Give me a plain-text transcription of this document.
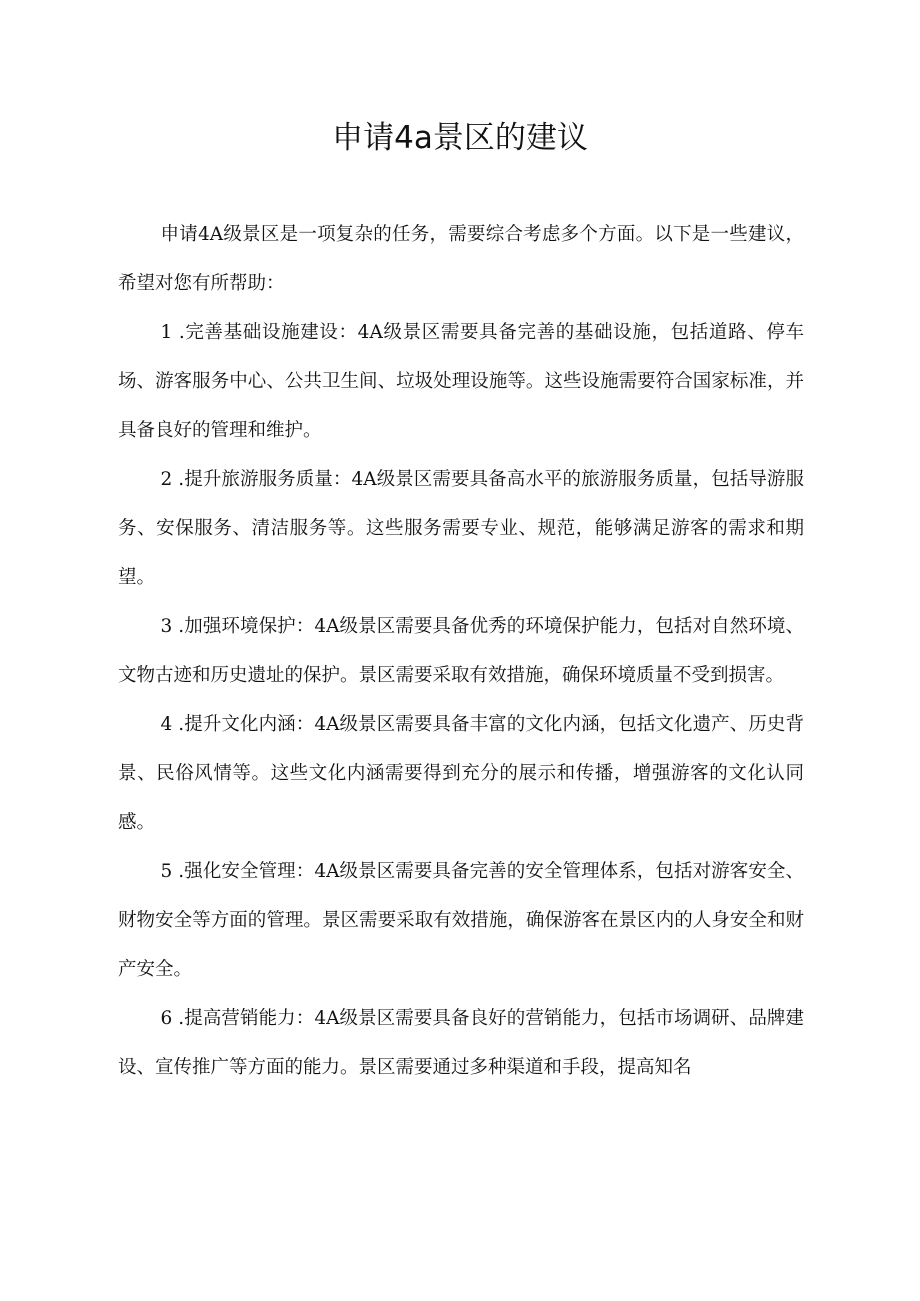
申请4a景区的建议

申请4A级景区是一项复杂的任务，需要综合考虑多个方面。以下是一些建议，希望对您有所帮助：

1 .完善基础设施建设：4A级景区需要具备完善的基础设施，包括道路、停车场、游客服务中心、公共卫生间、垃圾处理设施等。这些设施需要符合国家标准，并具备良好的管理和维护。

2 .提升旅游服务质量：4A级景区需要具备高水平的旅游服务质量，包括导游服务、安保服务、清洁服务等。这些服务需要专业、规范，能够满足游客的需求和期望。

3 .加强环境保护：4A级景区需要具备优秀的环境保护能力，包括对自然环境、文物古迹和历史遗址的保护。景区需要采取有效措施，确保环境质量不受到损害。

4 .提升文化内涵：4A级景区需要具备丰富的文化内涵，包括文化遗产、历史背景、民俗风情等。这些文化内涵需要得到充分的展示和传播，增强游客的文化认同感。

5 .强化安全管理：4A级景区需要具备完善的安全管理体系，包括对游客安全、财物安全等方面的管理。景区需要采取有效措施，确保游客在景区内的人身安全和财产安全。

6 .提高营销能力：4A级景区需要具备良好的营销能力，包括市场调研、品牌建设、宣传推广等方面的能力。景区需要通过多种渠道和手段，提高知名
